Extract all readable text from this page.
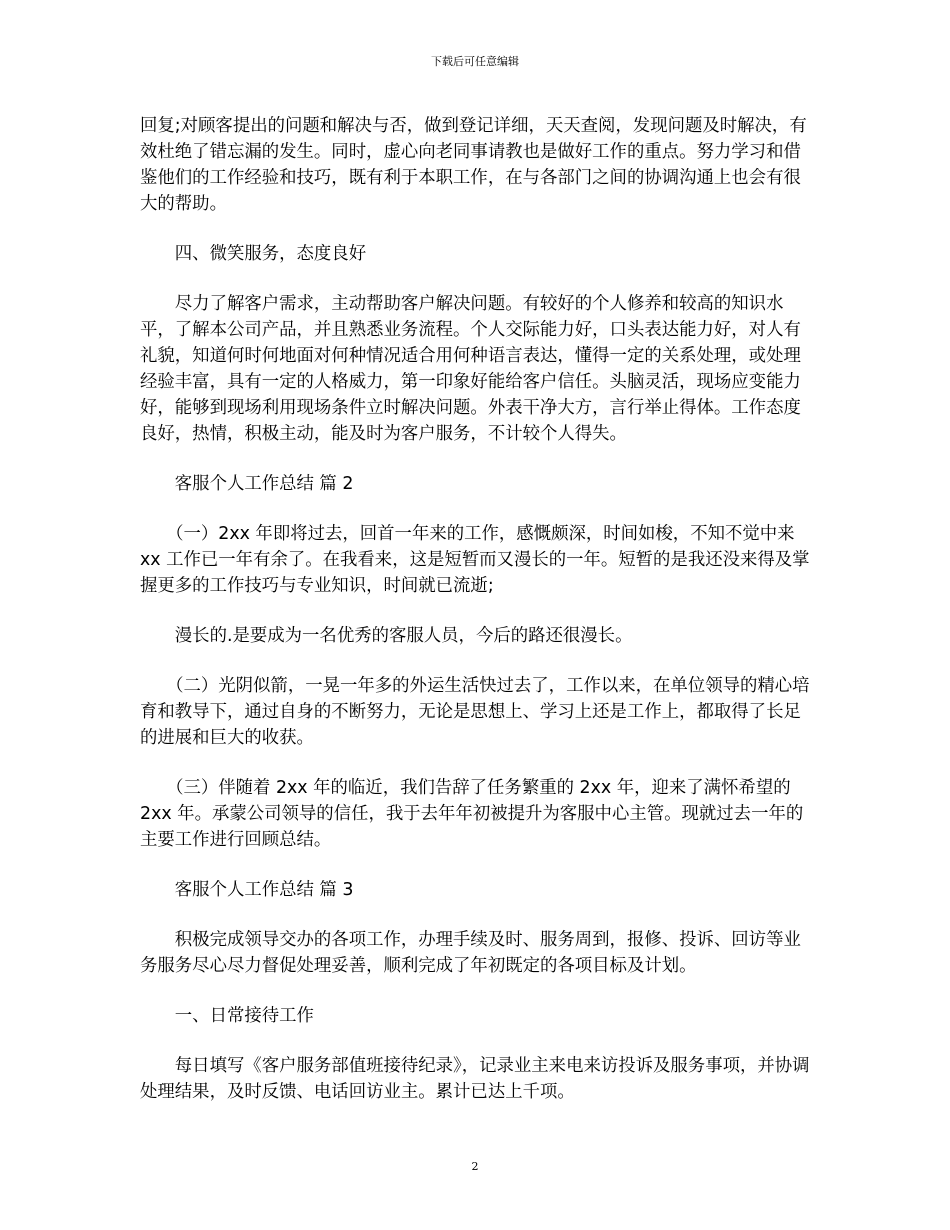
下载后可任意编辑

回复;对顾客提出的问题和解决与否，做到登记详细，天天查阅，发现问题及时解决，有效杜绝了错忘漏的发生。同时，虚心向老同事请教也是做好工作的重点。努力学习和借鉴他们的工作经验和技巧，既有利于本职工作，在与各部门之间的协调沟通上也会有很大的帮助。

　　四、微笑服务，态度良好

　　尽力了解客户需求，主动帮助客户解决问题。有较好的个人修养和较高的知识水平，了解本公司产品，并且熟悉业务流程。个人交际能力好，口头表达能力好，对人有礼貌，知道何时何地面对何种情况适合用何种语言表达，懂得一定的关系处理，或处理经验丰富，具有一定的人格威力，第一印象好能给客户信任。头脑灵活，现场应变能力好，能够到现场利用现场条件立时解决问题。外表干净大方，言行举止得体。工作态度良好，热情，积极主动，能及时为客户服务，不计较个人得失。

　　客服个人工作总结 篇 2

　　（一）2xx 年即将过去，回首一年来的工作，感慨颇深，时间如梭，不知不觉中来 xx 工作已一年有余了。在我看来，这是短暂而又漫长的一年。短暂的是我还没来得及掌握更多的工作技巧与专业知识，时间就已流逝;

　　漫长的.是要成为一名优秀的客服人员，今后的路还很漫长。

　　（二）光阴似箭，一晃一年多的外运生活快过去了，工作以来，在单位领导的精心培育和教导下，通过自身的不断努力，无论是思想上、学习上还是工作上，都取得了长足的进展和巨大的收获。

　　（三）伴随着 2xx 年的临近，我们告辞了任务繁重的 2xx 年，迎来了满怀希望的 2xx 年。承蒙公司领导的信任，我于去年年初被提升为客服中心主管。现就过去一年的主要工作进行回顾总结。

　　客服个人工作总结 篇 3

　　积极完成领导交办的各项工作，办理手续及时、服务周到，报修、投诉、回访等业务服务尽心尽力督促处理妥善，顺利完成了年初既定的各项目标及计划。

　　一、日常接待工作

　　每日填写《客户服务部值班接待纪录》，记录业主来电来访投诉及服务事项，并协调处理结果，及时反馈、电话回访业主。累计已达上千项。

2
